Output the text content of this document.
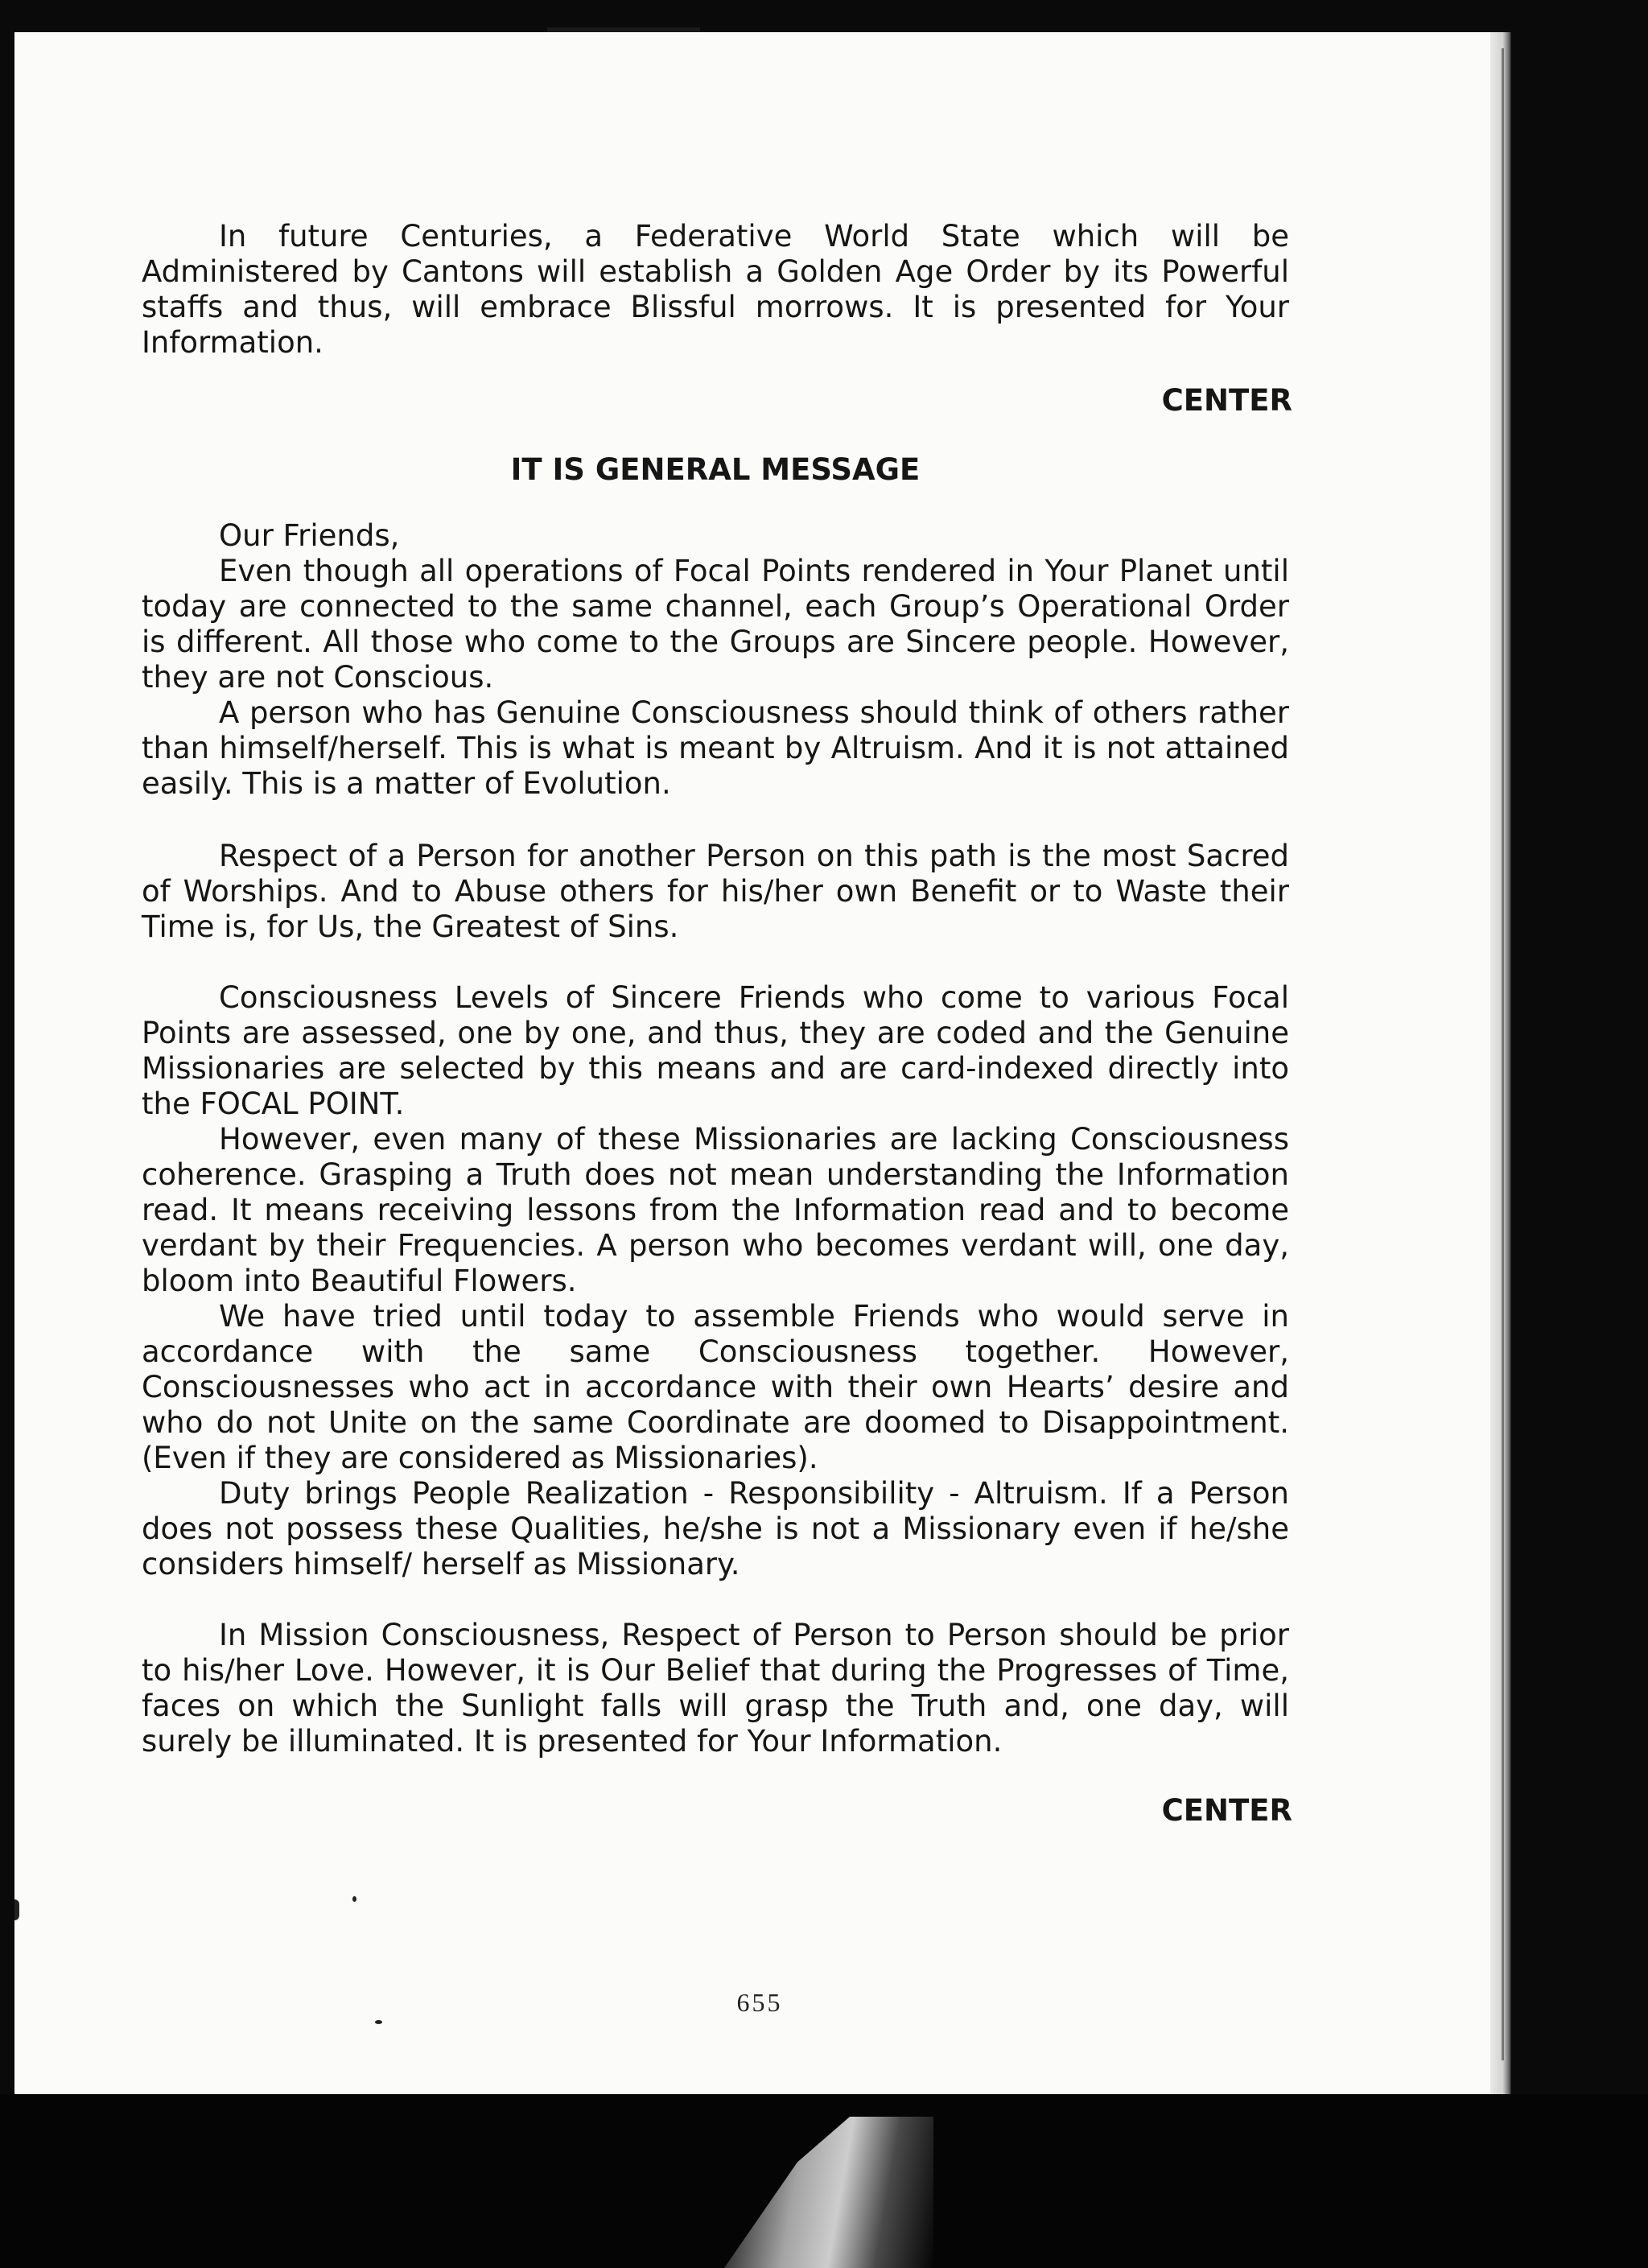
In future Centuries, a Federative World State which will be Administered by Cantons will establish a Golden Age Order by its Powerful staffs and thus, will embrace Blissful morrows. It is presented for Your Information.

CENTER

IT IS GENERAL MESSAGE

Our Friends,

Even though all operations of Focal Points rendered in Your Planet until today are connected to the same channel, each Group’s Operational Order is different. All those who come to the Groups are Sincere people. However, they are not Conscious.

A person who has Genuine Consciousness should think of others rather than himself/herself. This is what is meant by Altruism. And it is not attained easily. This is a matter of Evolution.

Respect of a Person for another Person on this path is the most Sacred of Worships. And to Abuse others for his/her own Benefit or to Waste their Time is, for Us, the Greatest of Sins.

Consciousness Levels of Sincere Friends who come to various Focal Points are assessed, one by one, and thus, they are coded and the Genuine Missionaries are selected by this means and are card-indexed directly into the FOCAL POINT.

However, even many of these Missionaries are lacking Consciousness coherence. Grasping a Truth does not mean understanding the Information read. It means receiving lessons from the Information read and to become verdant by their Frequencies. A person who becomes verdant will, one day, bloom into Beautiful Flowers.

We have tried until today to assemble Friends who would serve in accordance with the same Consciousness together. However, Consciousnesses who act in accordance with their own Hearts’ desire and who do not Unite on the same Coordinate are doomed to Disappointment. (Even if they are considered as Missionaries).

Duty brings People Realization - Responsibility - Altruism. If a Person does not possess these Qualities, he/she is not a Missionary even if he/she considers himself/ herself as Missionary.

In Mission Consciousness, Respect of Person to Person should be prior to his/her Love. However, it is Our Belief that during the Progresses of Time, faces on which the Sunlight falls will grasp the Truth and, one day, will surely be illuminated. It is presented for Your Information.

CENTER

655
